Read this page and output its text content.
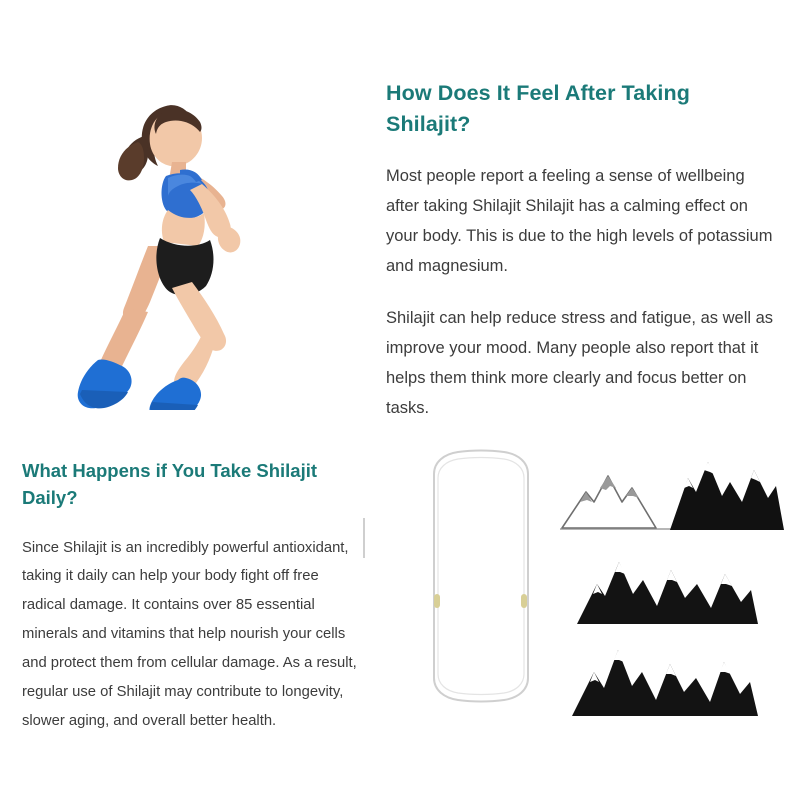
How Does It Feel After Taking Shilajit?

Most people report a feeling a sense of wellbeing after taking Shilajit Shilajit has a calming effect on your body. This is due to the high levels of potassium and magnesium.

Shilajit can help reduce stress and fatigue, as well as improve your mood. Many people also report that it helps them think more clearly and focus better on tasks.

What Happens if You Take Shilajit Daily?

Since Shilajit is an incredibly powerful antioxidant, taking it daily can help your body fight off free radical damage. It contains over 85 essential minerals and vitamins that help nourish your cells and protect them from cellular damage. As a result, regular use of Shilajit may contribute to longevity, slower aging, and overall better health.
